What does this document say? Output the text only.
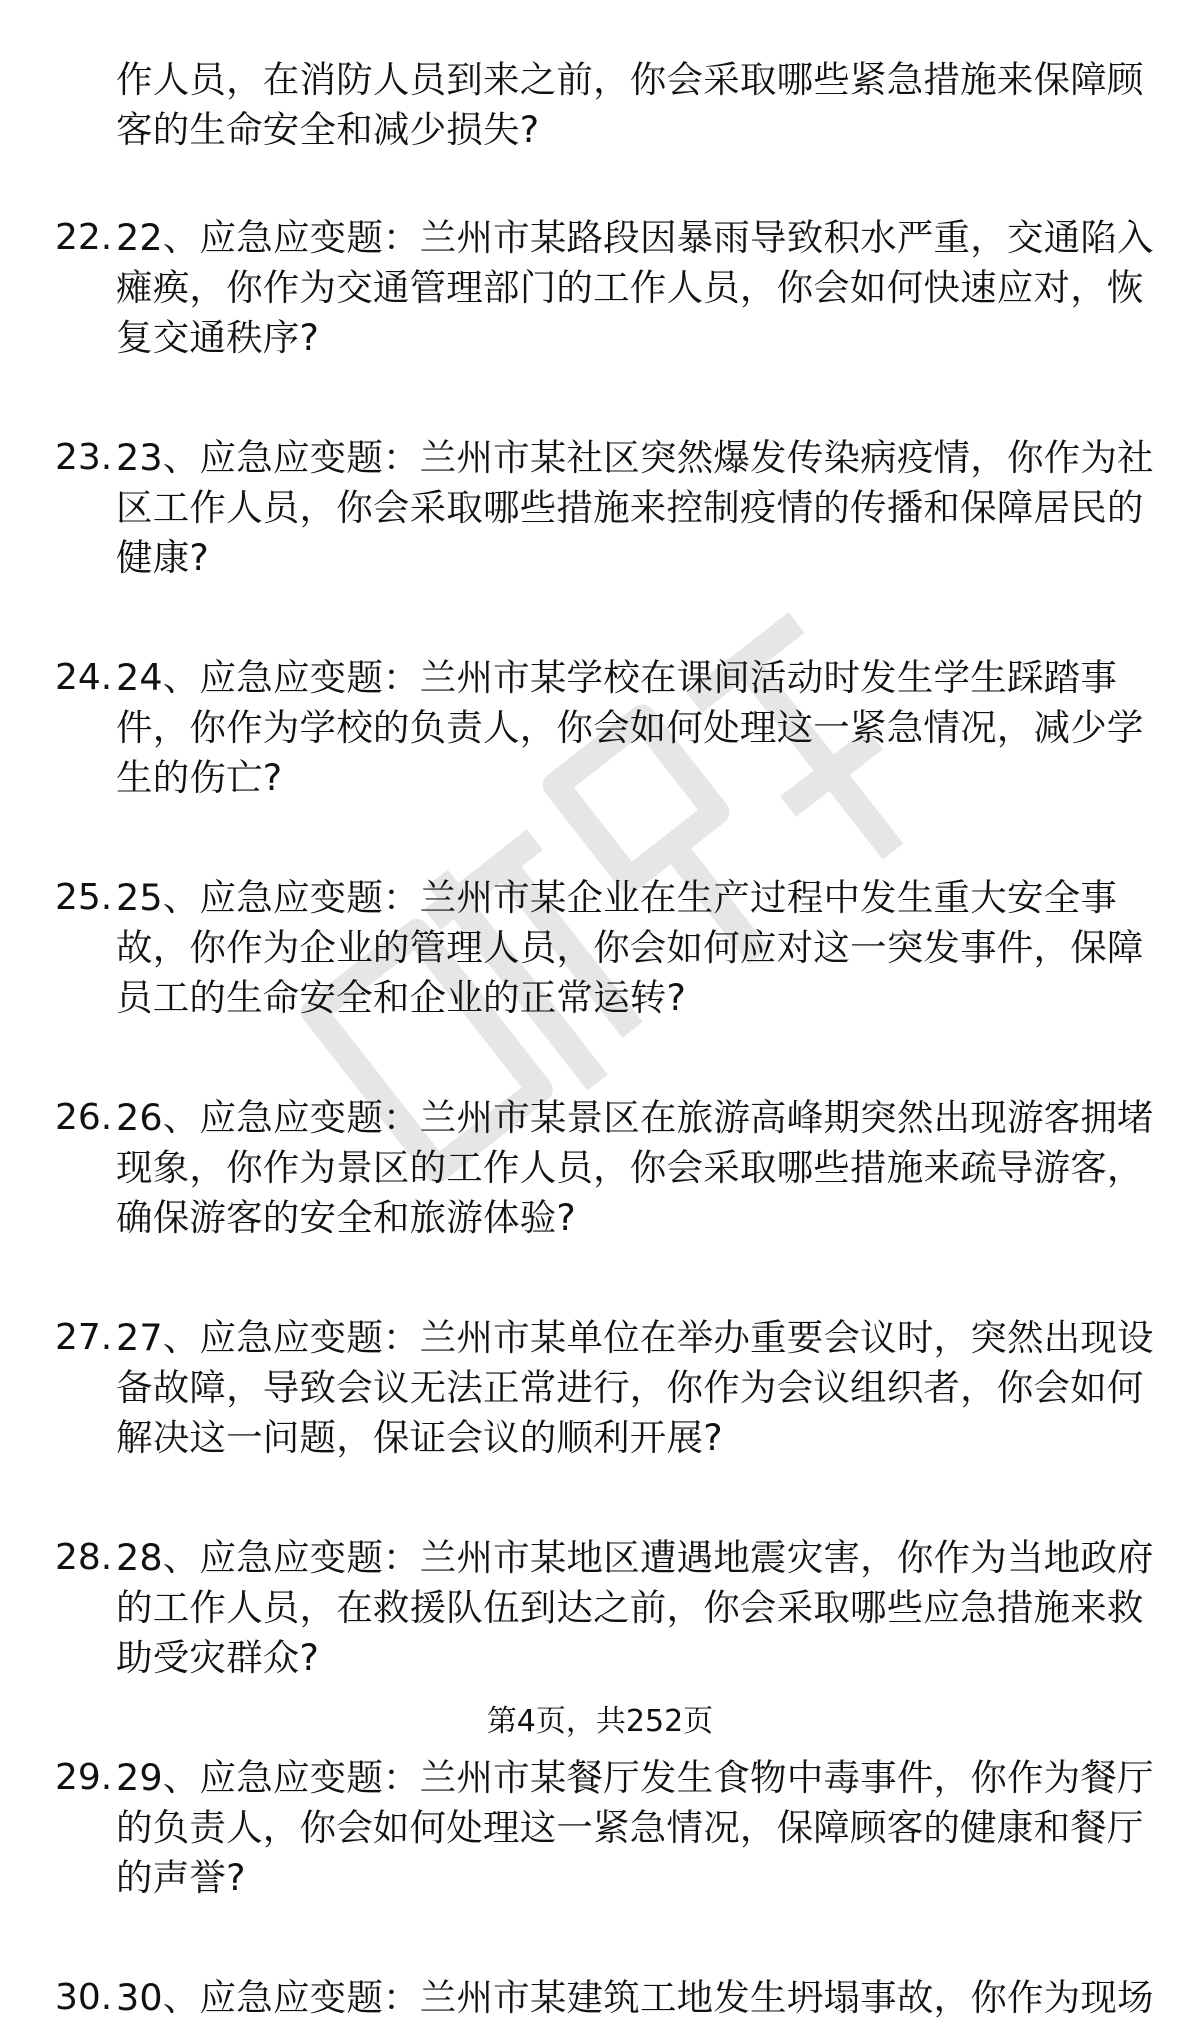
作人员，在消防人员到来之前，你会采取哪些紧急措施来保障顾
客的生命安全和减少损失?
22. 22、应急应变题：兰州市某路段因暴雨导致积水严重，交通陷入
瘫痪，你作为交通管理部门的工作人员，你会如何快速应对，恢
复交通秩序?
23. 23、应急应变题：兰州市某社区突然爆发传染病疫情，你作为社
区工作人员，你会采取哪些措施来控制疫情的传播和保障居民的
健康?
24. 24、应急应变题：兰州市某学校在课间活动时发生学生踩踏事
件，你作为学校的负责人，你会如何处理这一紧急情况，减少学
生的伤亡?
25. 25、应急应变题：兰州市某企业在生产过程中发生重大安全事
故，你作为企业的管理人员，你会如何应对这一突发事件，保障
员工的生命安全和企业的正常运转?
26. 26、应急应变题：兰州市某景区在旅游高峰期突然出现游客拥堵
现象，你作为景区的工作人员，你会采取哪些措施来疏导游客，
确保游客的安全和旅游体验?
27. 27、应急应变题：兰州市某单位在举办重要会议时，突然出现设
备故障，导致会议无法正常进行，你作为会议组织者，你会如何
解决这一问题，保证会议的顺利开展?
28. 28、应急应变题：兰州市某地区遭遇地震灾害，你作为当地政府
的工作人员，在救援队伍到达之前，你会采取哪些应急措施来救
助受灾群众?
29. 29、应急应变题：兰州市某餐厅发生食物中毒事件，你作为餐厅
的负责人，你会如何处理这一紧急情况，保障顾客的健康和餐厅
的声誉?
30. 30、应急应变题：兰州市某建筑工地发生坍塌事故，你作为现场
第4页，共252页
